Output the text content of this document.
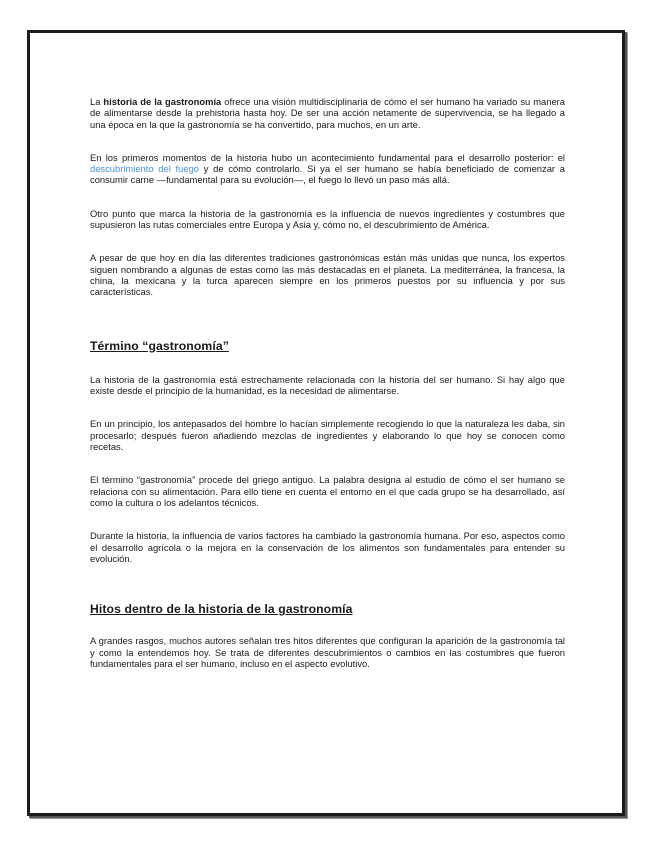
La historia de la gastronomía ofrece una visión multidisciplinaria de cómo el ser humano ha variado su manera de alimentarse desde la prehistoria hasta hoy. De ser una acción netamente de supervivencia, se ha llegado a una época en la que la gastronomía se ha convertido, para muchos, en un arte.

En los primeros momentos de la historia hubo un acontecimiento fundamental para el desarrollo posterior: el descubrimiento del fuego y de cómo controlarlo. Si ya el ser humano se había beneficiado de comenzar a consumir carne —fundamental para su evolución—, el fuego lo llevó un paso más allá.

Otro punto que marca la historia de la gastronomía es la influencia de nuevos ingredientes y costumbres que supusieron las rutas comerciales entre Europa y Asia y, cómo no, el descubrimiento de América.

A pesar de que hoy en día las diferentes tradiciones gastronómicas están más unidas que nunca, los expertos siguen nombrando a algunas de estas como las más destacadas en el planeta. La mediterránea, la francesa, la china, la mexicana y la turca aparecen siempre en los primeros puestos por su influencia y por sus características.

Término “gastronomía”

La historia de la gastronomía está estrechamente relacionada con la historia del ser humano. Si hay algo que existe desde el principio de la humanidad, es la necesidad de alimentarse.

En un principio, los antepasados del hombre lo hacían simplemente recogiendo lo que la naturaleza les daba, sin procesarlo; después fueron añadiendo mezclas de ingredientes y elaborando lo que hoy se conocen como recetas.

El término “gastronomía” procede del griego antiguo. La palabra designa al estudio de cómo el ser humano se relaciona con su alimentación. Para ello tiene en cuenta el entorno en el que cada grupo se ha desarrollado, así como la cultura o los adelantos técnicos.

Durante la historia, la influencia de varios factores ha cambiado la gastronomía humana. Por eso, aspectos como el desarrollo agrícola o la mejora en la conservación de los alimentos son fundamentales para entender su evolución.

Hitos dentro de la historia de la gastronomía

A grandes rasgos, muchos autores señalan tres hitos diferentes que configuran la aparición de la gastronomía tal y como la entendemos hoy. Se trata de diferentes descubrimientos o cambios en las costumbres que fueron fundamentales para el ser humano, incluso en el aspecto evolutivo.
